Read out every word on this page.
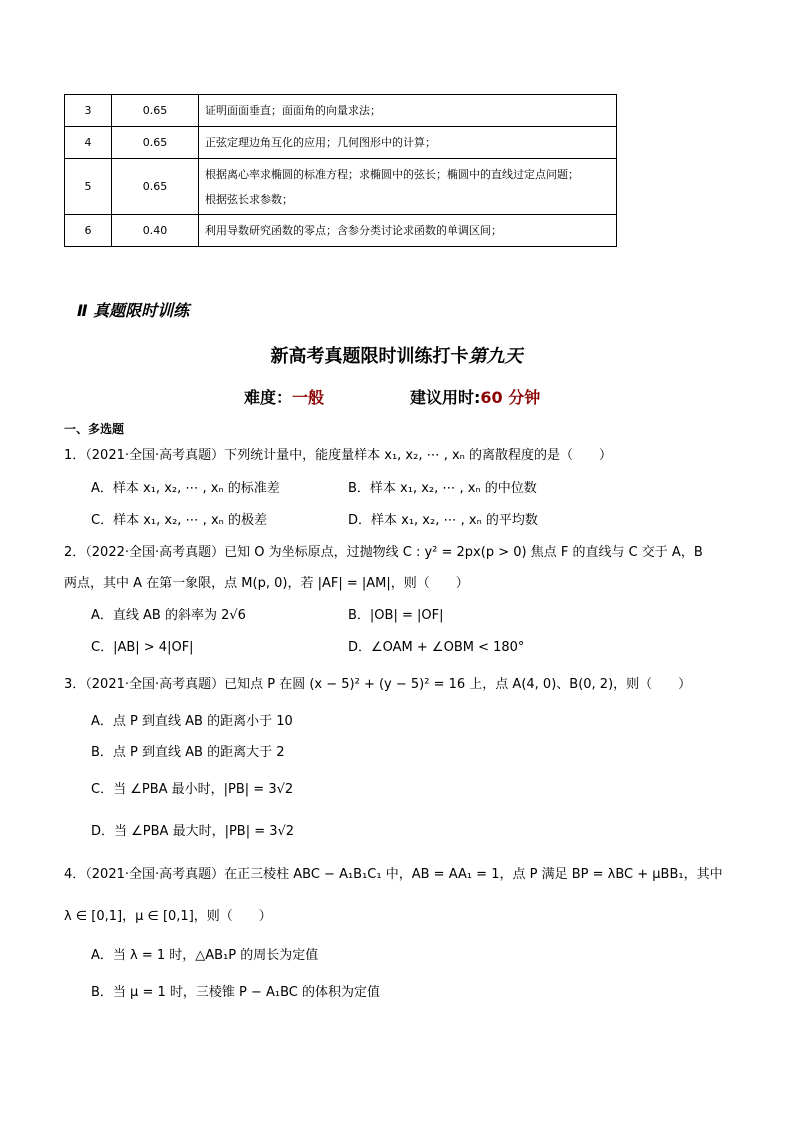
3	0.65	证明面面垂直；面面角的向量求法；
4	0.65	正弦定理边角互化的应用；几何图形中的计算；
5	0.65	根据离心率求椭圆的标准方程；求椭圆中的弦长；椭圆中的直线过定点问题；
根据弦长求参数；

6	0.40	利用导数研究函数的零点；含参分类讨论求函数的单调区间；
Ⅱ 真题限时训练
新高考真题限时训练打卡第九天
难度：一般	建议用时:60 分钟
一、多选题
1．（2021·全国·高考真题）下列统计量中，能度量样本 x₁, x₂, ⋯ , xₙ 的离散程度的是（　　）
A．样本 x₁, x₂, ⋯ , xₙ 的标准差	B．样本 x₁, x₂, ⋯ , xₙ 的中位数
C．样本 x₁, x₂, ⋯ , xₙ 的极差	D．样本 x₁, x₂, ⋯ , xₙ 的平均数
2．（2022·全国·高考真题）已知 O 为坐标原点，过抛物线 C : y² = 2px(p > 0) 焦点 F 的直线与 C 交于 A，B
两点，其中 A 在第一象限，点 M(p, 0)，若 |AF| = |AM|，则（　　）
A．直线 AB 的斜率为 2√6	B．|OB| = |OF|
C．|AB| > 4|OF|	D．∠OAM + ∠OBM < 180°
3．（2021·全国·高考真题）已知点 P 在圆 (x − 5)² + (y − 5)² = 16 上，点 A(4, 0)、B(0, 2)，则（　　）
A．点 P 到直线 AB 的距离小于 10
B．点 P 到直线 AB 的距离大于 2
C．当 ∠PBA 最小时，|PB| = 3√2
D．当 ∠PBA 最大时，|PB| = 3√2
4．（2021·全国·高考真题）在正三棱柱 ABC − A₁B₁C₁ 中，AB = AA₁ = 1，点 P 满足 BP = λBC + μBB₁，其中
λ ∈ [0,1]，μ ∈ [0,1]，则（　　）
A．当 λ = 1 时，△AB₁P 的周长为定值
B．当 μ = 1 时，三棱锥 P − A₁BC 的体积为定值
